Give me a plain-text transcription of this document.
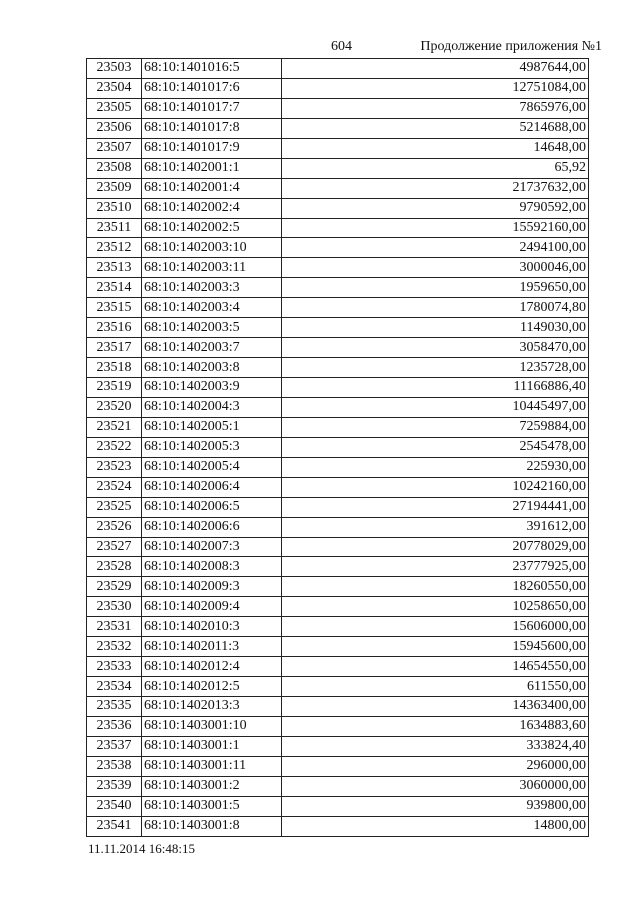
604	Продолжение приложения №1
23503	68:10:1401016:5	4987644,00
23504	68:10:1401017:6	12751084,00
23505	68:10:1401017:7	7865976,00
23506	68:10:1401017:8	5214688,00
23507	68:10:1401017:9	14648,00
23508	68:10:1402001:1	65,92
23509	68:10:1402001:4	21737632,00
23510	68:10:1402002:4	9790592,00
23511	68:10:1402002:5	15592160,00
23512	68:10:1402003:10	2494100,00
23513	68:10:1402003:11	3000046,00
23514	68:10:1402003:3	1959650,00
23515	68:10:1402003:4	1780074,80
23516	68:10:1402003:5	1149030,00
23517	68:10:1402003:7	3058470,00
23518	68:10:1402003:8	1235728,00
23519	68:10:1402003:9	11166886,40
23520	68:10:1402004:3	10445497,00
23521	68:10:1402005:1	7259884,00
23522	68:10:1402005:3	2545478,00
23523	68:10:1402005:4	225930,00
23524	68:10:1402006:4	10242160,00
23525	68:10:1402006:5	27194441,00
23526	68:10:1402006:6	391612,00
23527	68:10:1402007:3	20778029,00
23528	68:10:1402008:3	23777925,00
23529	68:10:1402009:3	18260550,00
23530	68:10:1402009:4	10258650,00
23531	68:10:1402010:3	15606000,00
23532	68:10:1402011:3	15945600,00
23533	68:10:1402012:4	14654550,00
23534	68:10:1402012:5	611550,00
23535	68:10:1402013:3	14363400,00
23536	68:10:1403001:10	1634883,60
23537	68:10:1403001:1	333824,40
23538	68:10:1403001:11	296000,00
23539	68:10:1403001:2	3060000,00
23540	68:10:1403001:5	939800,00
23541	68:10:1403001:8	14800,00
11.11.2014 16:48:15
